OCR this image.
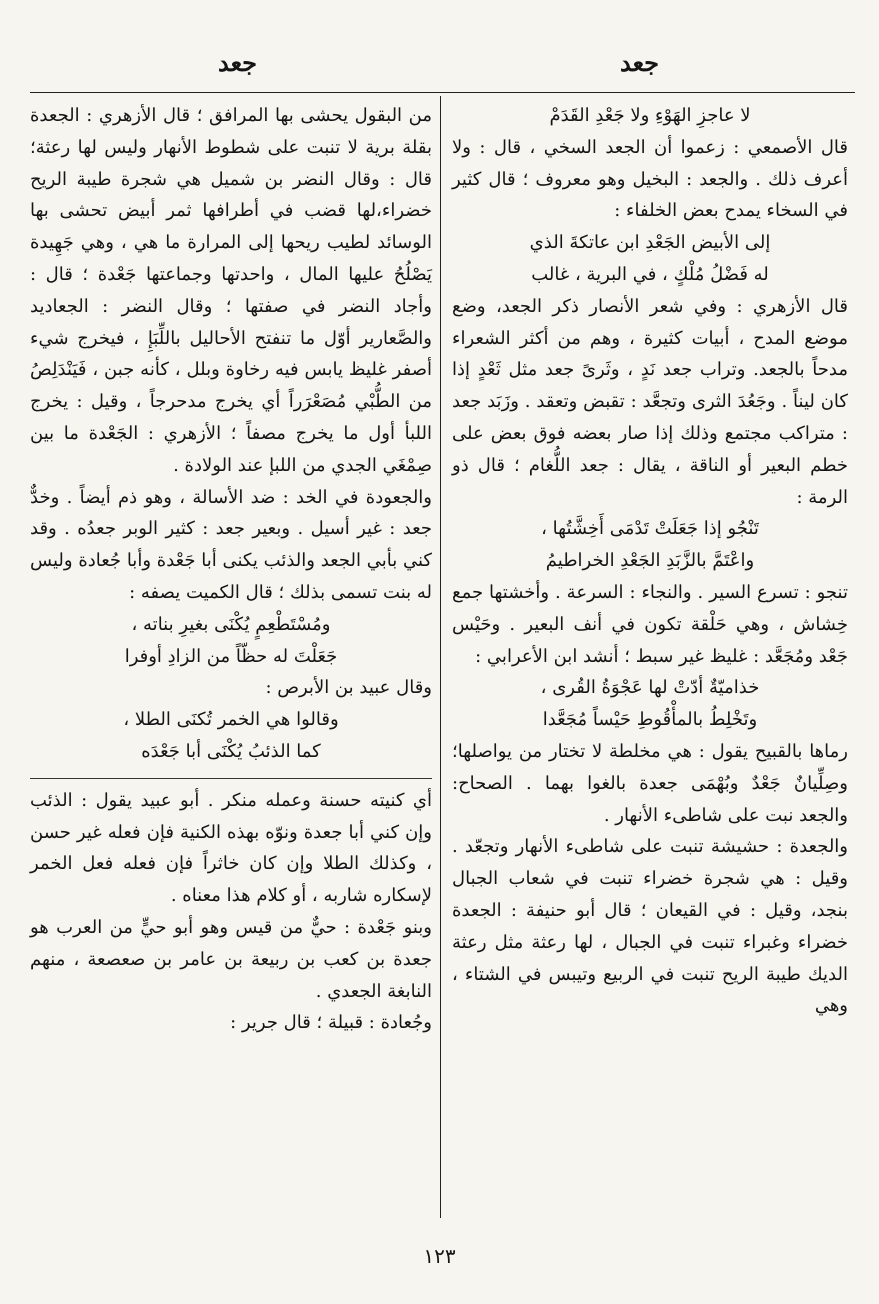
جعد
جعد

لا عاجزِ الهَوْءِ ولا جَعْدِ القَدَمْ

قال الأصمعي : زعموا أن الجعد السخي ، قال : ولا أعرف ذلك . والجعد : البخيل وهو معروف ؛ قال كثير في السخاء يمدح بعض الخلفاء :

إلى الأبيض الجَعْدِ ابن عاتكةَ الذي

له فَضْلُ مُلْكٍ ، في البرية ، غالب

قال الأزهري : وفي شعر الأنصار ذكر الجعد، وضع موضع المدح ، أبيات كثيرة ، وهم من أكثر الشعراء مدحاً بالجعد. وتراب جعد نَدٍ ، وثَرىً جعد مثل ثَعْدٍ إذا كان ليناً . وجَعُدَ الثرى وتجعَّد : تقبض وتعقد . وزَبَد جعد : متراكب مجتمع وذلك إذا صار بعضه فوق بعض على خطم البعير أو الناقة ، يقال : جعد اللُّغام ؛ قال ذو الرمة :

تَنْجُو إذا جَعَلَتْ تَدْمَى أَخِشَّتُها ،

واعْتَمَّ بالزَّبَدِ الجَعْدِ الخراطيمُ

تنجو : تسرع السير . والنجاء : السرعة . وأخشتها جمع خِشاش ، وهي حَلْقة تكون في أنف البعير . وحَيْس جَعْد ومُجَعَّد : غليظ غير سبط ؛ أنشد ابن الأعرابي :

خذاميّةٌ أدّتْ لها عَجْوَةُ القُرى ،

وتَخْلِطُ بالمأْقُوطِ حَيْساً مُجَعَّدا

رماها بالقبيح يقول : هي مخلطة لا تختار من يواصلها؛ وصِلِّيانٌ جَعْدٌ وبُهْمَى جعدة بالغوا بهما . الصحاح: والجعد نبت على شاطىء الأنهار .

والجعدة : حشيشة تنبت على شاطىء الأنهار وتجعّد . وقيل : هي شجرة خضراء تنبت في شعاب الجبال بنجد، وقيل : في القيعان ؛ قال أبو حنيفة : الجعدة خضراء وغبراء تنبت في الجبال ، لها رعثة مثل رعثة الديك طيبة الريح تنبت في الربيع وتيبس في الشتاء ، وهي

من البقول يحشى بها المرافق ؛ قال الأزهري : الجعدة بقلة برية لا تنبت على شطوط الأنهار وليس لها رعثة؛ قال : وقال النضر بن شميل هي شجرة طيبة الريح خضراء،لها قضب في أطرافها ثمر أبيض تحشى بها الوسائد لطيب ريحها إلى المرارة ما هي ، وهي جَهِيدة يَصْلُحُ عليها المال ، واحدتها وجماعتها جَعْدة ؛ قال : وأجاد النضر في صفتها ؛ وقال النضر : الجعاديد والصَّعارير أوّل ما تنفتح الأحاليل باللِّبَإِ ، فيخرج شيء أصفر غليظ يابس فيه رخاوة وبلل ، كأنه جبن ، فَيَنْدَلِصُ من الطُّبْي مُصَعْرَراً أي يخرج مدحرجاً ، وقيل : يخرج اللبأ أول ما يخرج مصفاً ؛ الأزهري : الجَعْدة ما بين صِمْغَي الجدي من اللبإ عند الولادة .

والجعودة في الخد : ضد الأسالة ، وهو ذم أيضاً . وخدٌّ جعد : غير أسيل . وبعير جعد : كثير الوبر جعدُه . وقد كني بأبي الجعد والذئب يكنى أبا جَعْدة وأبا جُعادة وليس له بنت تسمى بذلك ؛ قال الكميت يصفه :

ومُسْتَطْعِمٍ يُكْنَى بغيرِ بناته ،

جَعَلْتَ له حظّاً من الزادِ أوفرا

وقال عبيد بن الأبرص :

وقالوا هي الخمر تُكنَى الطلا ،

كما الذئبُ يُكْنَى أبا جَعْدَه

أي كنيته حسنة وعمله منكر . أبو عبيد يقول : الذئب وإن كني أبا جعدة ونوّه بهذه الكنية فإن فعله غير حسن ، وكذلك الطلا وإن كان خاثراً فإن فعله فعل الخمر لإسكاره شاربه ، أو كلام هذا معناه .

وبنو جَعْدة : حيٌّ من قيس وهو أبو حيٍّ من العرب هو جعدة بن كعب بن ربيعة بن عامر بن صعصعة ، منهم النابغة الجعدي .

وجُعادة : قبيلة ؛ قال جرير :

١٢٣
